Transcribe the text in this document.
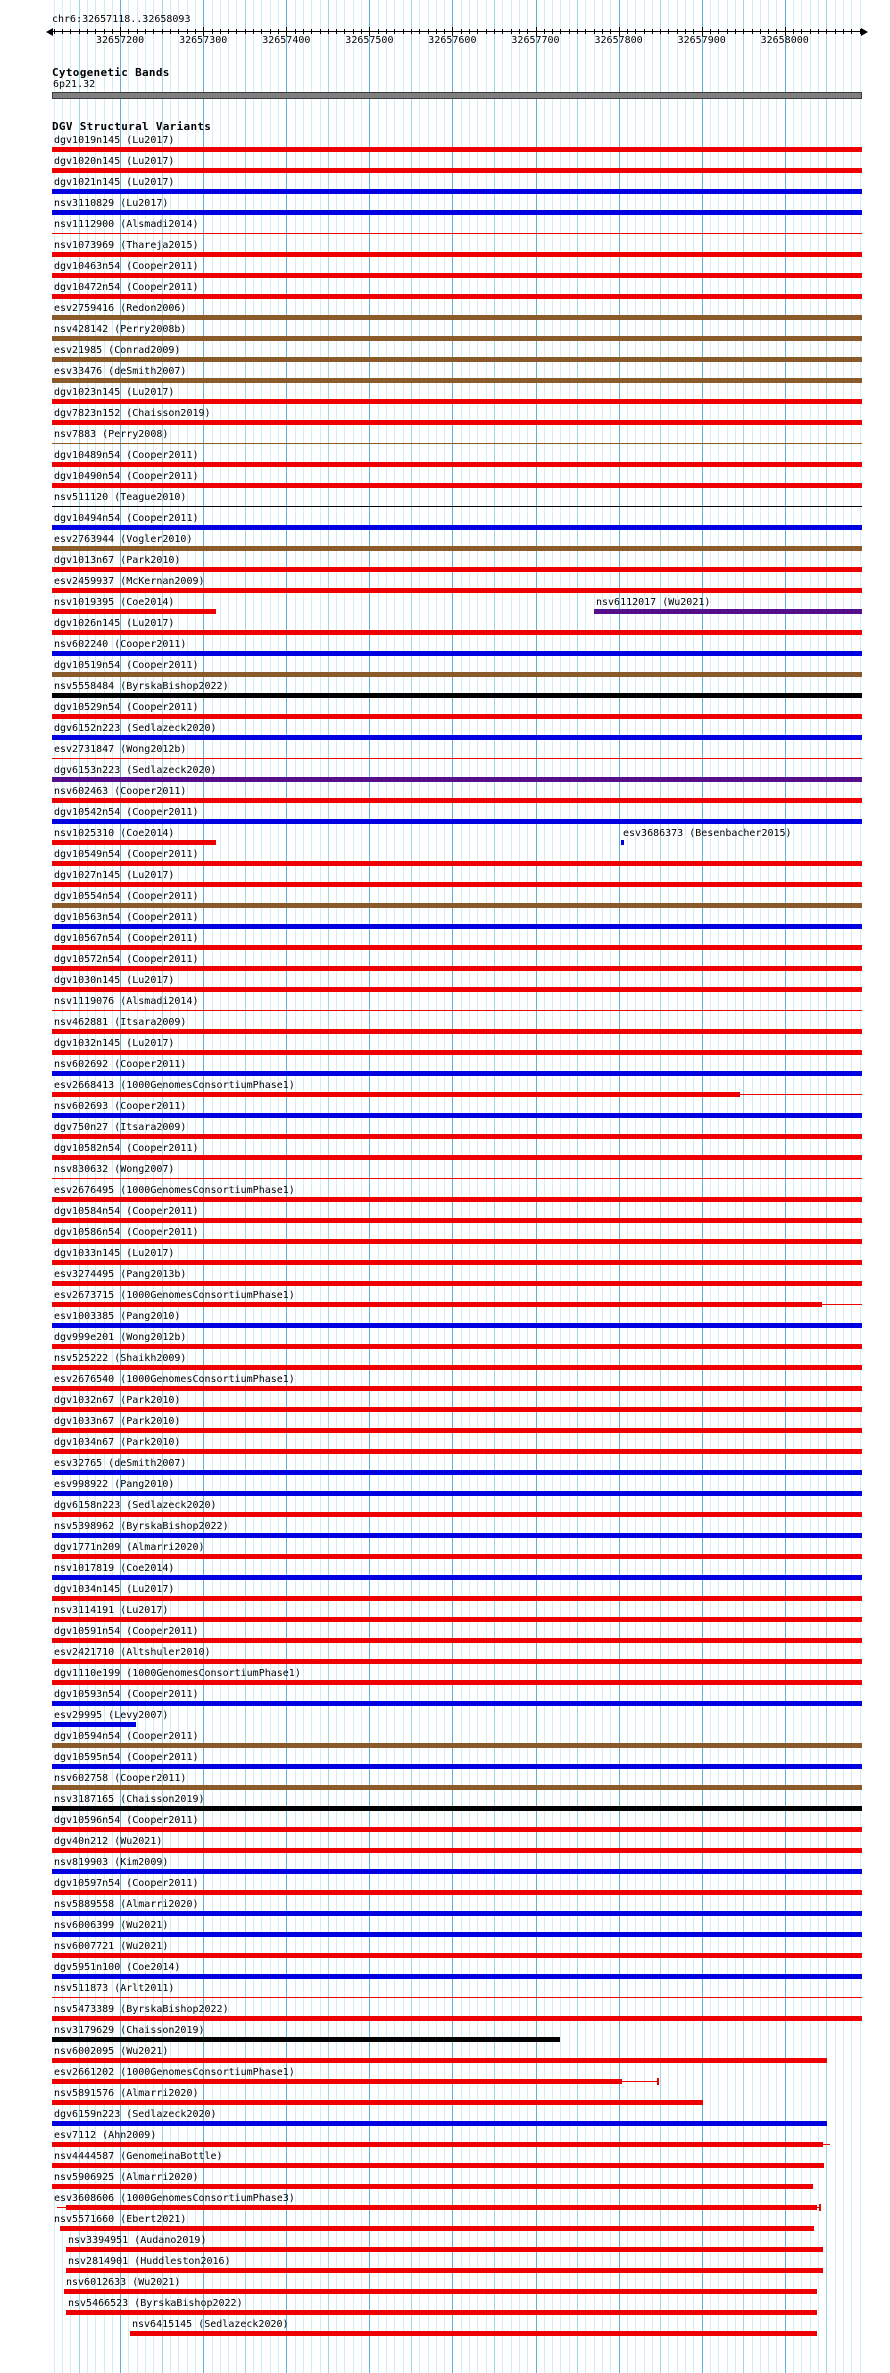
chr6:32657118..32658093
32657200	32657300	32657400	32657500	32657600	32657700	32657800	32657900	32658000
Cytogenetic Bands
6p21.32
DGV Structural Variants
dgv1019n145 (Lu2017)
dgv1020n145 (Lu2017)
dgv1021n145 (Lu2017)
nsv3110829 (Lu2017)
nsv1112900 (Alsmadi2014)
nsv1073969 (Thareja2015)
dgv10463n54 (Cooper2011)
dgv10472n54 (Cooper2011)
esv2759416 (Redon2006)
nsv428142 (Perry2008b)
esv21985 (Conrad2009)
esv33476 (deSmith2007)
dgv1023n145 (Lu2017)
dgv7823n152 (Chaisson2019)
nsv7883 (Perry2008)
dgv10489n54 (Cooper2011)
dgv10490n54 (Cooper2011)
nsv511120 (Teague2010)
dgv10494n54 (Cooper2011)
esv2763944 (Vogler2010)
dgv1013n67 (Park2010)
esv2459937 (McKernan2009)
nsv1019395 (Coe2014)	nsv6112017 (Wu2021)
dgv1026n145 (Lu2017)
nsv602240 (Cooper2011)
dgv10519n54 (Cooper2011)
nsv5558484 (ByrskaBishop2022)
dgv10529n54 (Cooper2011)
dgv6152n223 (Sedlazeck2020)
esv2731847 (Wong2012b)
dgv6153n223 (Sedlazeck2020)
nsv602463 (Cooper2011)
dgv10542n54 (Cooper2011)
nsv1025310 (Coe2014)	esv3686373 (Besenbacher2015)
dgv10549n54 (Cooper2011)
dgv1027n145 (Lu2017)
dgv10554n54 (Cooper2011)
dgv10563n54 (Cooper2011)
dgv10567n54 (Cooper2011)
dgv10572n54 (Cooper2011)
dgv1030n145 (Lu2017)
nsv1119076 (Alsmadi2014)
nsv462881 (Itsara2009)
dgv1032n145 (Lu2017)
nsv602692 (Cooper2011)
esv2668413 (1000GenomesConsortiumPhase1)
nsv602693 (Cooper2011)
dgv750n27 (Itsara2009)
dgv10582n54 (Cooper2011)
nsv830632 (Wong2007)
esv2676495 (1000GenomesConsortiumPhase1)
dgv10584n54 (Cooper2011)
dgv10586n54 (Cooper2011)
dgv1033n145 (Lu2017)
esv3274495 (Pang2013b)
esv2673715 (1000GenomesConsortiumPhase1)
esv1003385 (Pang2010)
dgv999e201 (Wong2012b)
nsv525222 (Shaikh2009)
esv2676540 (1000GenomesConsortiumPhase1)
dgv1032n67 (Park2010)
dgv1033n67 (Park2010)
dgv1034n67 (Park2010)
esv32765 (deSmith2007)
esv998922 (Pang2010)
dgv6158n223 (Sedlazeck2020)
nsv5398962 (ByrskaBishop2022)
dgv1771n209 (Almarri2020)
nsv1017819 (Coe2014)
dgv1034n145 (Lu2017)
nsv3114191 (Lu2017)
dgv10591n54 (Cooper2011)
esv2421710 (Altshuler2010)
dgv1110e199 (1000GenomesConsortiumPhase1)
dgv10593n54 (Cooper2011)
esv29995 (Levy2007)
dgv10594n54 (Cooper2011)
dgv10595n54 (Cooper2011)
nsv602758 (Cooper2011)
nsv3187165 (Chaisson2019)
dgv10596n54 (Cooper2011)
dgv40n212 (Wu2021)
nsv819903 (Kim2009)
dgv10597n54 (Cooper2011)
nsv5889558 (Almarri2020)
nsv6006399 (Wu2021)
nsv6007721 (Wu2021)
dgv5951n100 (Coe2014)
nsv511873 (Arlt2011)
nsv5473389 (ByrskaBishop2022)
nsv3179629 (Chaisson2019)
nsv6002095 (Wu2021)
esv2661202 (1000GenomesConsortiumPhase1)
nsv5891576 (Almarri2020)
dgv6159n223 (Sedlazeck2020)
esv7112 (Ahn2009)
nsv4444587 (GenomeinaBottle)
nsv5906925 (Almarri2020)
esv3608606 (1000GenomesConsortiumPhase3)
nsv5571660 (Ebert2021)
nsv3394951 (Audano2019)
nsv2814901 (Huddleston2016)
nsv6012633 (Wu2021)
nsv5466523 (ByrskaBishop2022)
nsv6415145 (Sedlazeck2020)
